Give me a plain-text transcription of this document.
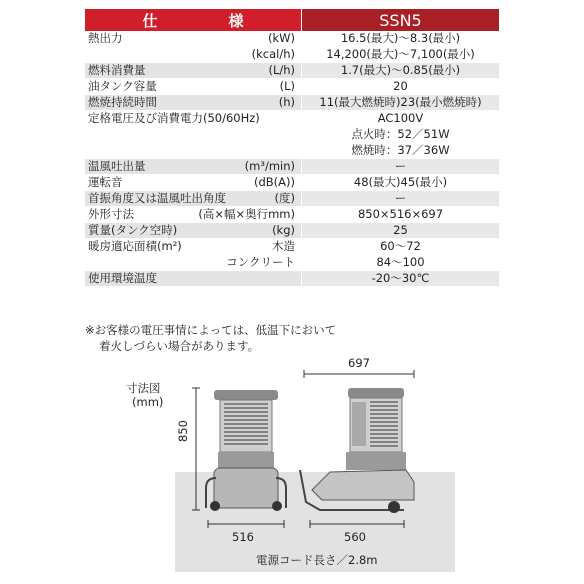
仕　様	SSN5
熱出力	(kW)	16.5(最大)～8.3(最小)
(kcal/h)	14,200(最大)～7,100(最小)
燃料消費量	(L/h)	1.7(最大)～0.85(最小)
油タンク容量	(L)	20
燃焼持続時間	(h)	11(最大燃焼時)23(最小燃焼時)
定格電圧及び消費電力(50/60Hz)	AC100V
点火時：52／51W
燃焼時：37／36W
温風吐出量	(m³/min)	ー
運転音	(dB(A))	48(最大)45(最小)
首振角度又は温風吐出角度	(度)	ー
外形寸法	(高×幅×奥行mm)	850×516×697
質量(タンク空時)	(kg)	25
暖房適応面積(m²)	木造	60～72
コンクリート	84～100
使用環境温度	-20～30℃
※お客様の電圧事情によっては、低温下において
着火しづらい場合があります。
寸法図
(mm)
850
516
697
560
電源コード長さ／2.8m
